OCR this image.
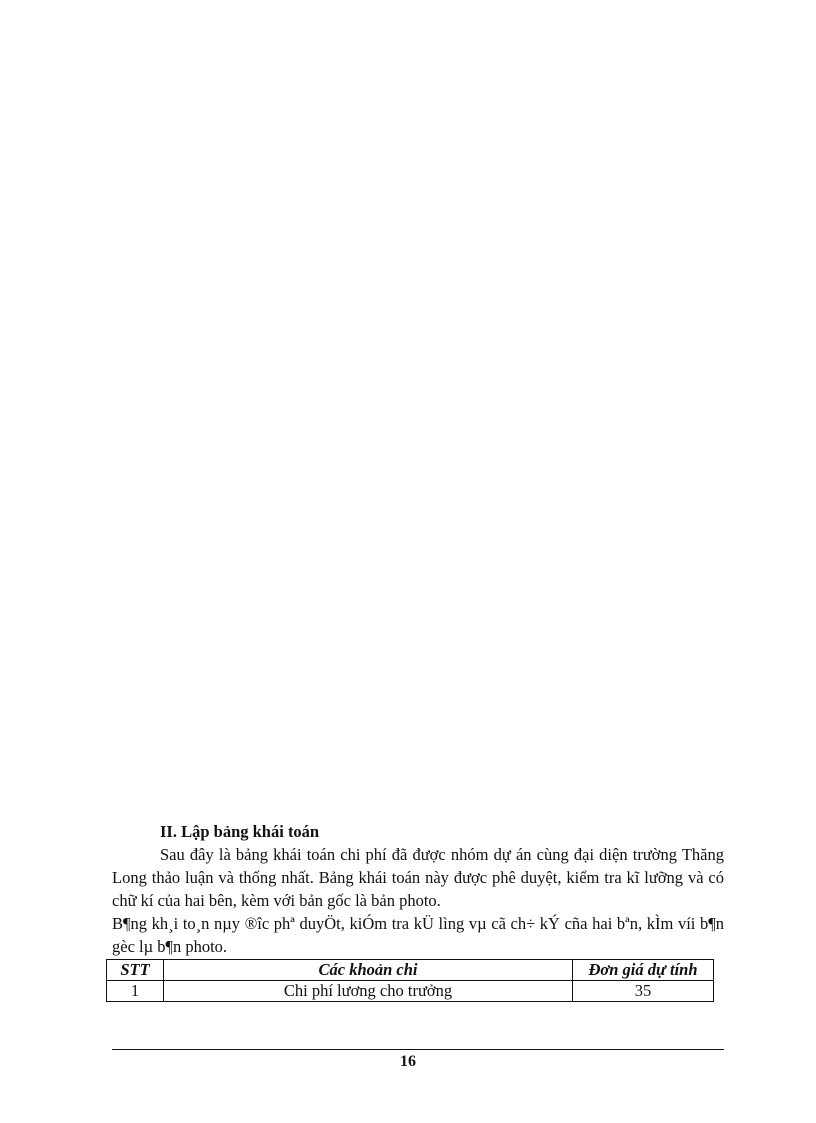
II. Lập bảng khái toán

Sau đây là bảng khái toán chi phí đã được nhóm dự án cùng đại diện trường Thăng Long thảo luận và thống nhất. Bảng khái toán này được phê duyệt, kiểm tra kĩ lưỡng và có chữ kí của hai bên, kèm với bản gốc là bản photo.

B¶ng kh¸i to¸n nµy ®îc phª duyÖt, kiÓm tra kÜ lìng vµ cã ch÷ kÝ cña hai bªn, kÌm víi b¶n gèc lµ b¶n photo.

STT	Các khoản chi	Đơn giá dự tính
1	Chi phí lương cho trưởng	35
16
